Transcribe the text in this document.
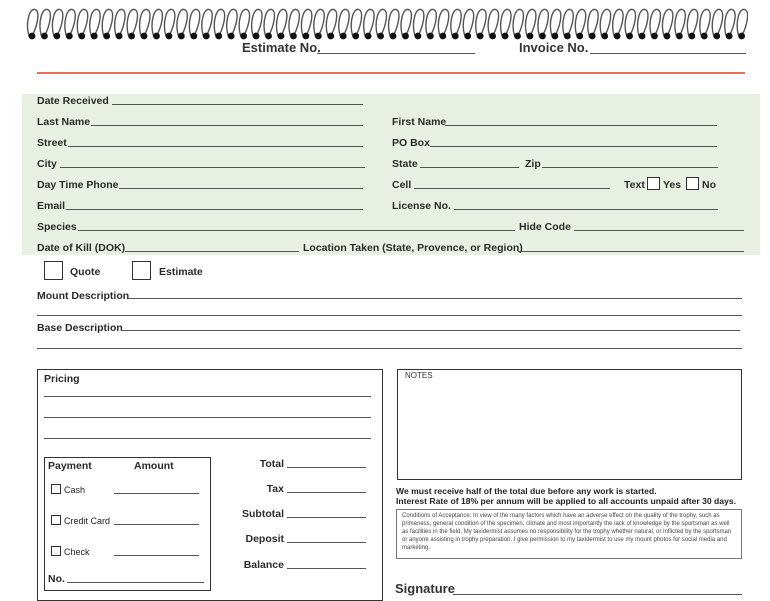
Estimate No.	Invoice No.
Date Received
Last Name	First Name
Street	PO Box
City	State	Zip
Day Time Phone	Cell	Text Yes No
Email	License No.
Species	Hide Code
Date of Kill (DOK)	Location Taken (State, Provence, or Region)
Quote	Estimate
Mount Description
Base Description
Pricing
Payment	Amount
Cash
Credit Card
Check
No.
Total
Tax
Subtotal
Deposit
Balance
NOTES
We must receive half of the total due before any work is started.
Interest Rate of 18% per annum will be applied to all accounts unpaid after 30 days.
Conditions of Acceptance: In view of the many factors which have an adverse effect on the quality of the trophy, such as primeness, general condition of the specimen, climate and most importantly the lack of knowledge by the sportsman as well as facilities in the field. My taxidermist assumes no responsibility for the trophy whether natural, or inflicted by the sportsman or anyone assisting in trophy preparation. I give permission to my taxidermist to use my mount photos for social media and marketing.
Signature
